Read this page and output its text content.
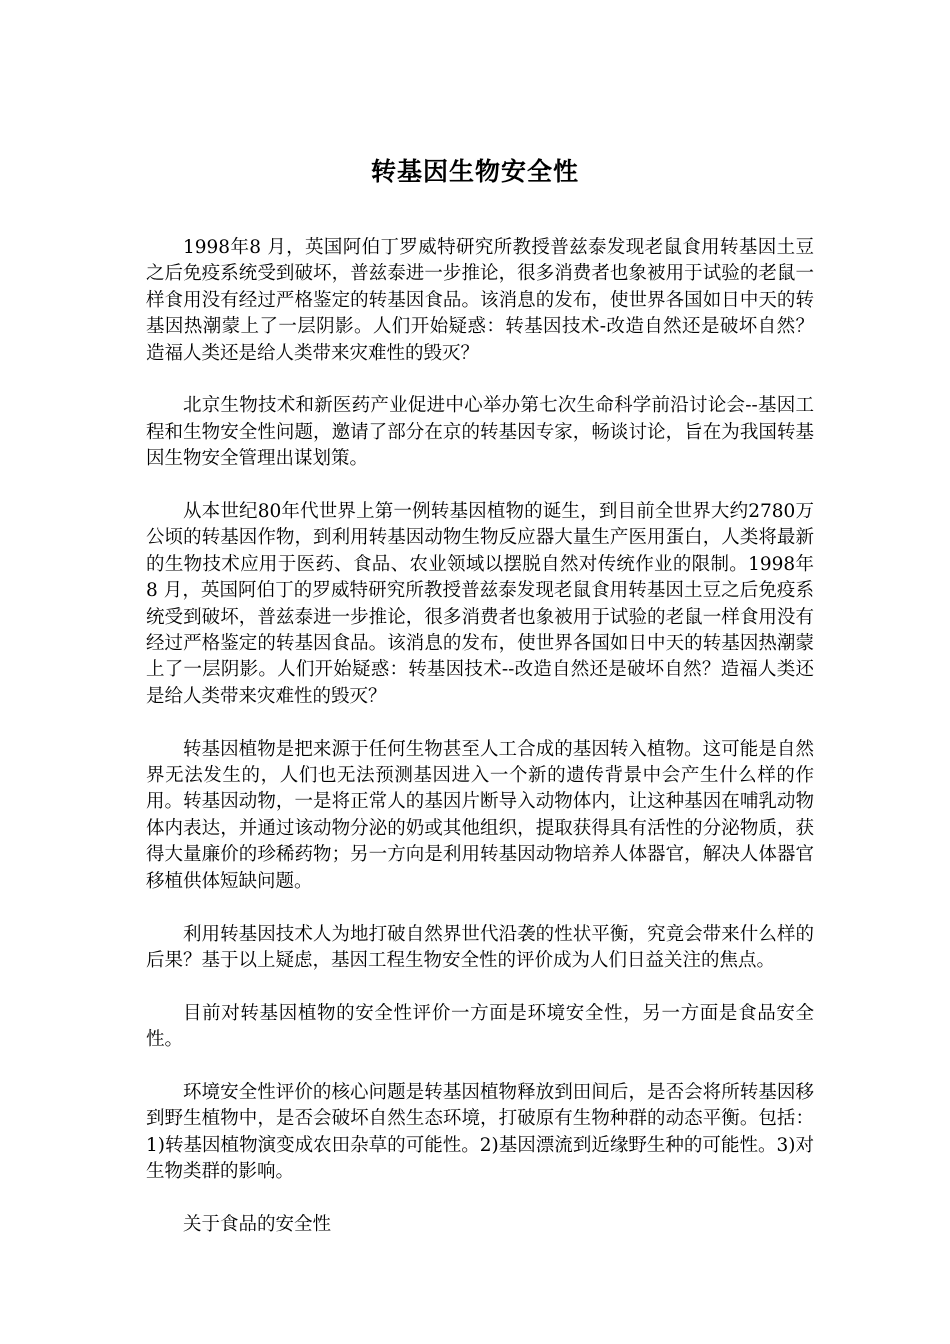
转基因生物安全性

1998年8 月，英国阿伯丁罗威特研究所教授普兹泰发现老鼠食用转基因土豆之后免疫系统受到破坏，普兹泰进一步推论，很多消费者也象被用于试验的老鼠一样食用没有经过严格鉴定的转基因食品。该消息的发布，使世界各国如日中天的转基因热潮蒙上了一层阴影。人们开始疑惑：转基因技术-改造自然还是破坏自然？造福人类还是给人类带来灾难性的毁灭？

北京生物技术和新医药产业促进中心举办第七次生命科学前沿讨论会--基因工程和生物安全性问题，邀请了部分在京的转基因专家，畅谈讨论，旨在为我国转基因生物安全管理出谋划策。

从本世纪80年代世界上第一例转基因植物的诞生，到目前全世界大约2780万公顷的转基因作物，到利用转基因动物生物反应器大量生产医用蛋白，人类将最新的生物技术应用于医药、食品、农业领域以摆脱自然对传统作业的限制。1998年8 月，英国阿伯丁的罗威特研究所教授普兹泰发现老鼠食用转基因土豆之后免疫系统受到破坏，普兹泰进一步推论，很多消费者也象被用于试验的老鼠一样食用没有经过严格鉴定的转基因食品。该消息的发布，使世界各国如日中天的转基因热潮蒙上了一层阴影。人们开始疑惑：转基因技术--改造自然还是破坏自然？造福人类还是给人类带来灾难性的毁灭？

转基因植物是把来源于任何生物甚至人工合成的基因转入植物。这可能是自然界无法发生的，人们也无法预测基因进入一个新的遗传背景中会产生什么样的作用。转基因动物，一是将正常人的基因片断导入动物体内，让这种基因在哺乳动物体内表达，并通过该动物分泌的奶或其他组织，提取获得具有活性的分泌物质，获得大量廉价的珍稀药物；另一方向是利用转基因动物培养人体器官，解决人体器官移植供体短缺问题。

利用转基因技术人为地打破自然界世代沿袭的性状平衡，究竟会带来什么样的后果？基于以上疑虑，基因工程生物安全性的评价成为人们日益关注的焦点。

目前对转基因植物的安全性评价一方面是环境安全性，另一方面是食品安全性。

环境安全性评价的核心问题是转基因植物释放到田间后，是否会将所转基因移到野生植物中，是否会破坏自然生态环境，打破原有生物种群的动态平衡。包括：1)转基因植物演变成农田杂草的可能性。2)基因漂流到近缘野生种的可能性。3)对生物类群的影响。

关于食品的安全性
